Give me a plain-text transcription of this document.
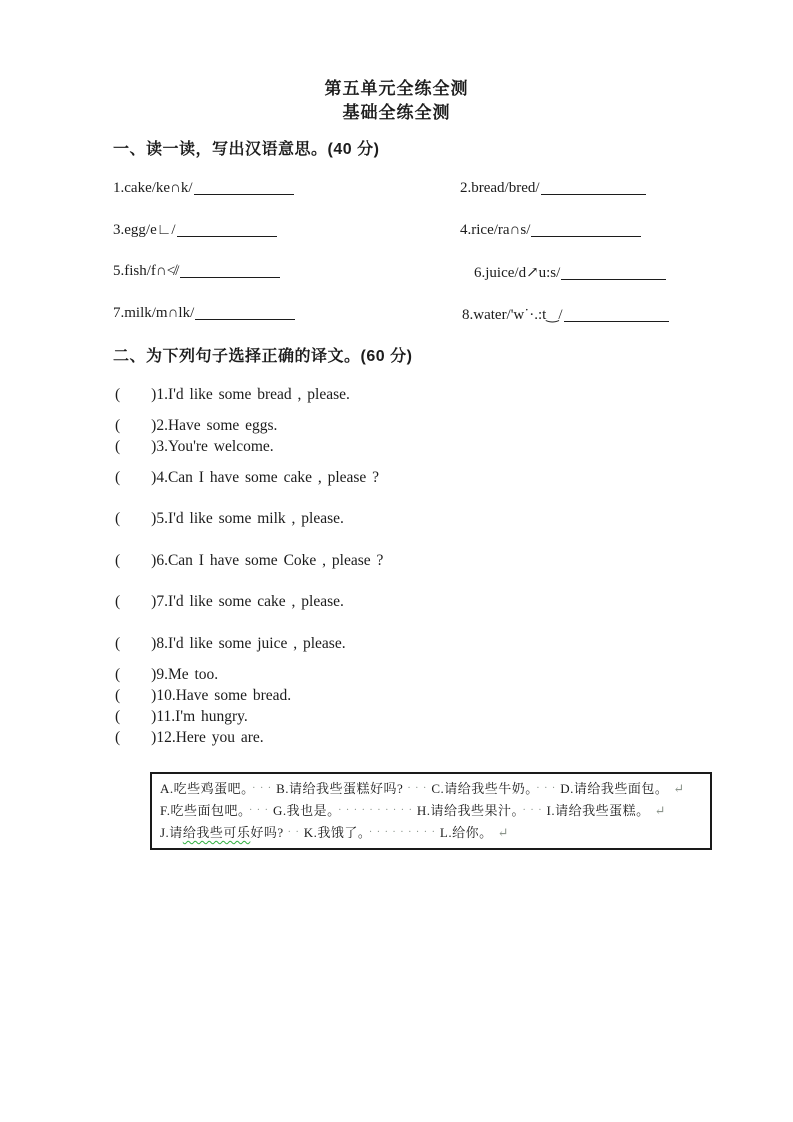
第五单元全练全测
基础全练全测
一、读一读，写出汉语意思。(40 分)
二、为下列句子选择正确的译文。(60 分)
A.吃些鸡蛋吧。 · · · B.请给我些蛋糕好吗? · · · C.请给我些牛奶。 · · · D.请给我些面包。 ↵
F.吃些面包吧。 · · · G.我也是。 · · · · · · · · · · H.请给我些果汁。 · · · I.请给我些蛋糕。 ↵
J.请给我些可乐好吗? · · K.我饿了。 · · · · · · · · · L.给你。 ↵
1.cake/ke∩k/	2.bread/bred/
3.egg/e∟/	4.rice/ra∩s/
5.fish/f∩≮/	6.juice/d↗u:s/
7.milk/m∩lk/	8.water/'w˙·.:t‿/
( )1.I'd like some bread , please.
( )2.Have some eggs.
( )3.You're welcome.
( )4.Can I have some cake , please ?
( )5.I'd like some milk , please.
( )6.Can I have some Coke , please ?
( )7.I'd like some cake , please.
( )8.I'd like some juice , please.
( )9.Me too.
( )10.Have some bread.
( )11.I'm hungry.
( )12.Here you are.
